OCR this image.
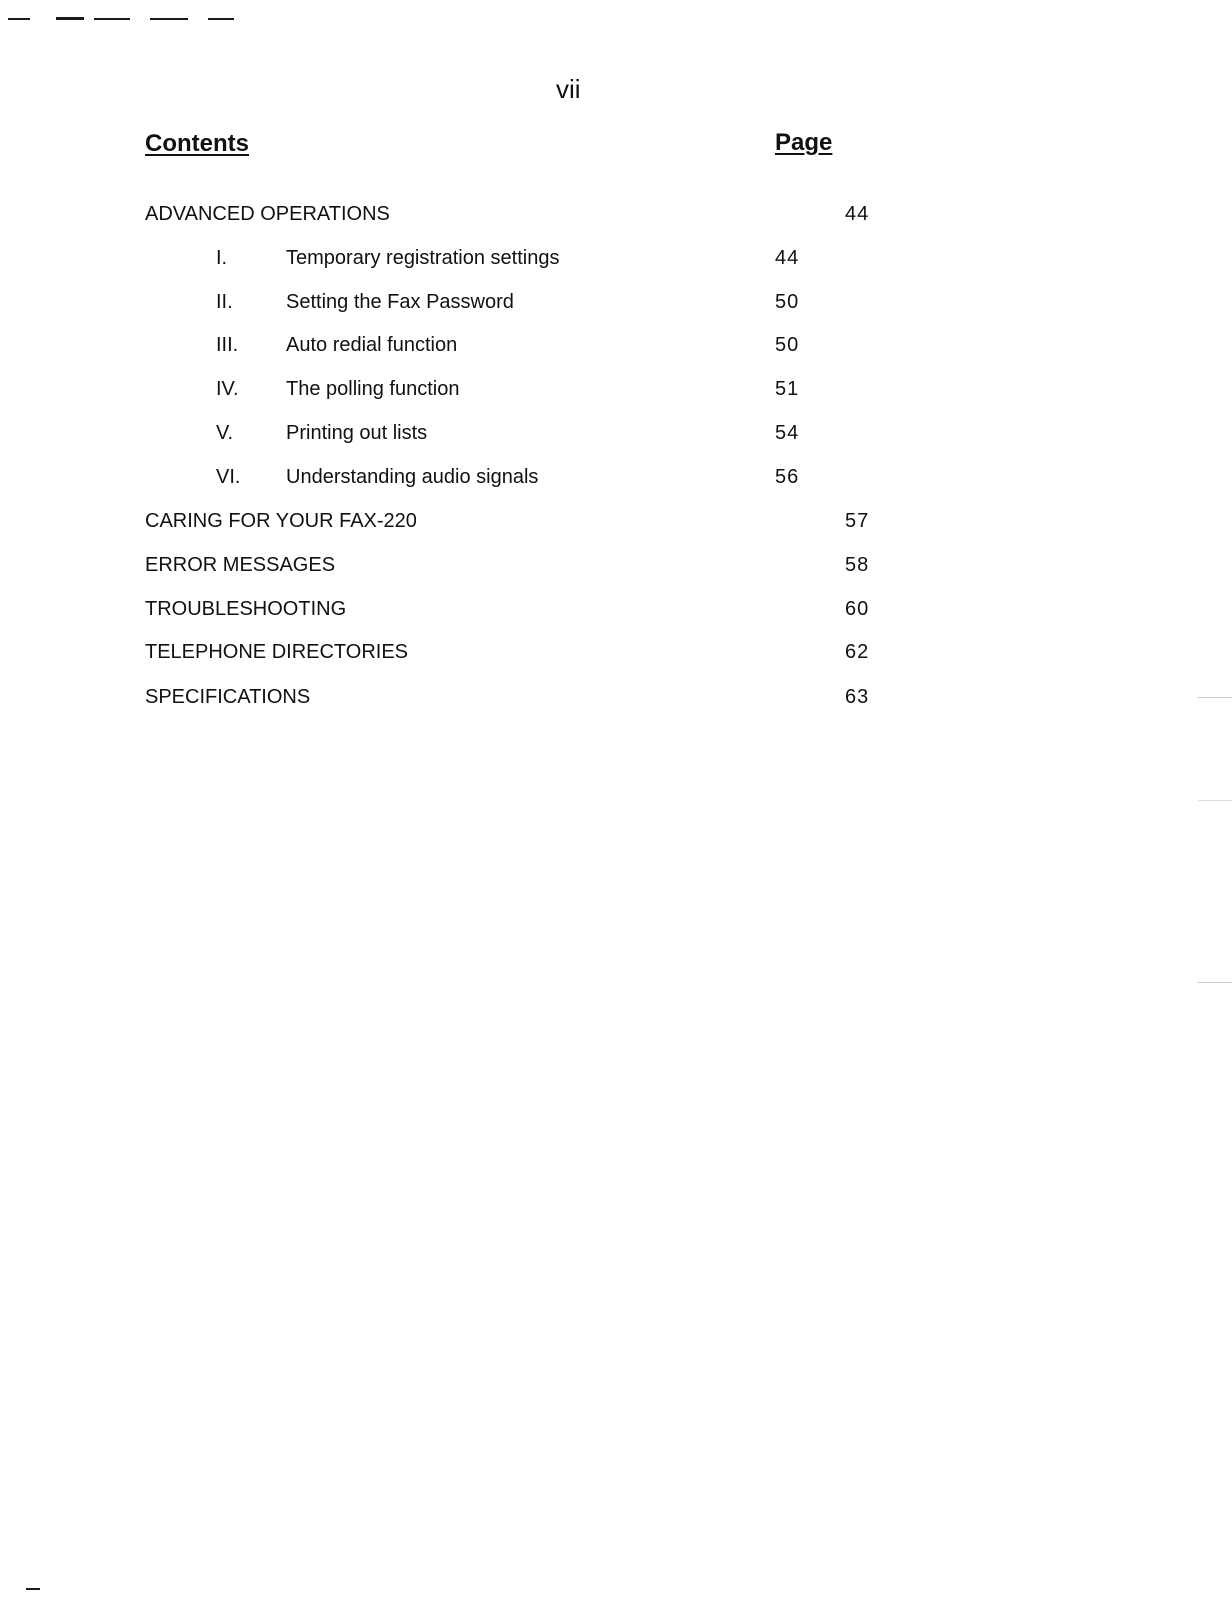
vii
Contents	Page
ADVANCED OPERATIONS	44
I.	Temporary registration settings	44
II.	Setting the Fax Password	50
III. Auto redial function	50
IV. The polling function	51
V.	Printing out lists	54
VI. Understanding audio signals	56
CARING FOR YOUR FAX-220	57
ERROR MESSAGES	58
TROUBLESHOOTING	60
TELEPHONE DIRECTORIES	62
SPECIFICATIONS	63
